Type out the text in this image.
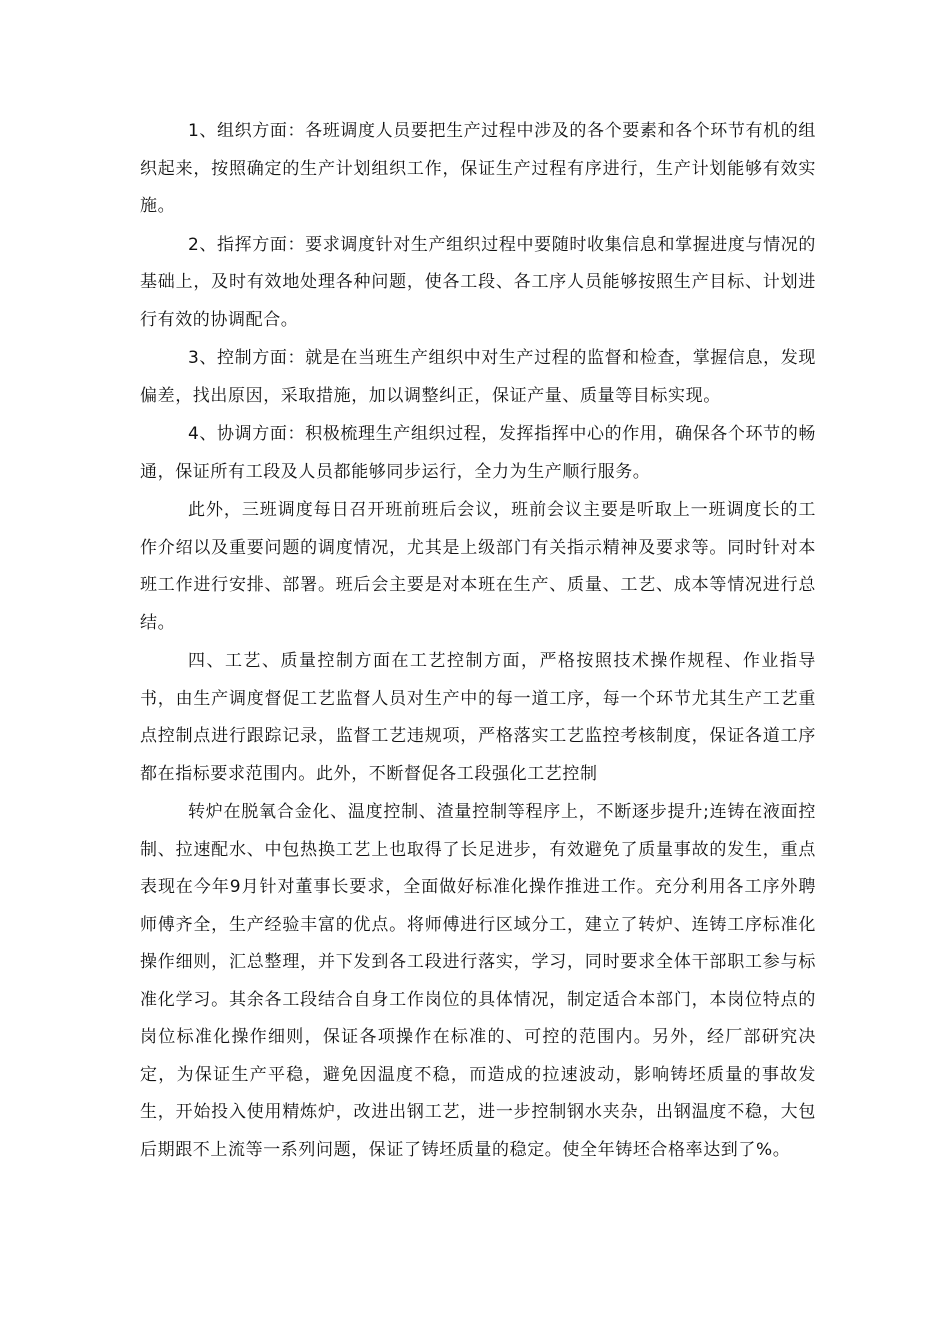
1、组织方面：各班调度人员要把生产过程中涉及的各个要素和各个环节有机的组织起来，按照确定的生产计划组织工作，保证生产过程有序进行，生产计划能够有效实施。

2、指挥方面：要求调度针对生产组织过程中要随时收集信息和掌握进度与情况的基础上，及时有效地处理各种问题，使各工段、各工序人员能够按照生产目标、计划进行有效的协调配合。

3、控制方面：就是在当班生产组织中对生产过程的监督和检查，掌握信息，发现偏差，找出原因，采取措施，加以调整纠正，保证产量、质量等目标实现。

4、协调方面：积极梳理生产组织过程，发挥指挥中心的作用，确保各个环节的畅通，保证所有工段及人员都能够同步运行，全力为生产顺行服务。

此外，三班调度每日召开班前班后会议，班前会议主要是听取上一班调度长的工作介绍以及重要问题的调度情况，尤其是上级部门有关指示精神及要求等。同时针对本班工作进行安排、部署。班后会主要是对本班在生产、质量、工艺、成本等情况进行总结。

四、工艺、质量控制方面在工艺控制方面，严格按照技术操作规程、作业指导书，由生产调度督促工艺监督人员对生产中的每一道工序，每一个环节尤其生产工艺重点控制点进行跟踪记录，监督工艺违规项，严格落实工艺监控考核制度，保证各道工序都在指标要求范围内。此外，不断督促各工段强化工艺控制

转炉在脱氧合金化、温度控制、渣量控制等程序上，不断逐步提升;连铸在液面控制、拉速配水、中包热换工艺上也取得了长足进步，有效避免了质量事故的发生，重点表现在今年9月针对董事长要求，全面做好标准化操作推进工作。充分利用各工序外聘师傅齐全，生产经验丰富的优点。将师傅进行区域分工，建立了转炉、连铸工序标准化操作细则，汇总整理，并下发到各工段进行落实，学习，同时要求全体干部职工参与标准化学习。其余各工段结合自身工作岗位的具体情况，制定适合本部门，本岗位特点的岗位标准化操作细则，保证各项操作在标准的、可控的范围内。另外，经厂部研究决定，为保证生产平稳，避免因温度不稳，而造成的拉速波动，影响铸坯质量的事故发生，开始投入使用精炼炉，改进出钢工艺，进一步控制钢水夹杂，出钢温度不稳，大包后期跟不上流等一系列问题，保证了铸坯质量的稳定。使全年铸坯合格率达到了%。
